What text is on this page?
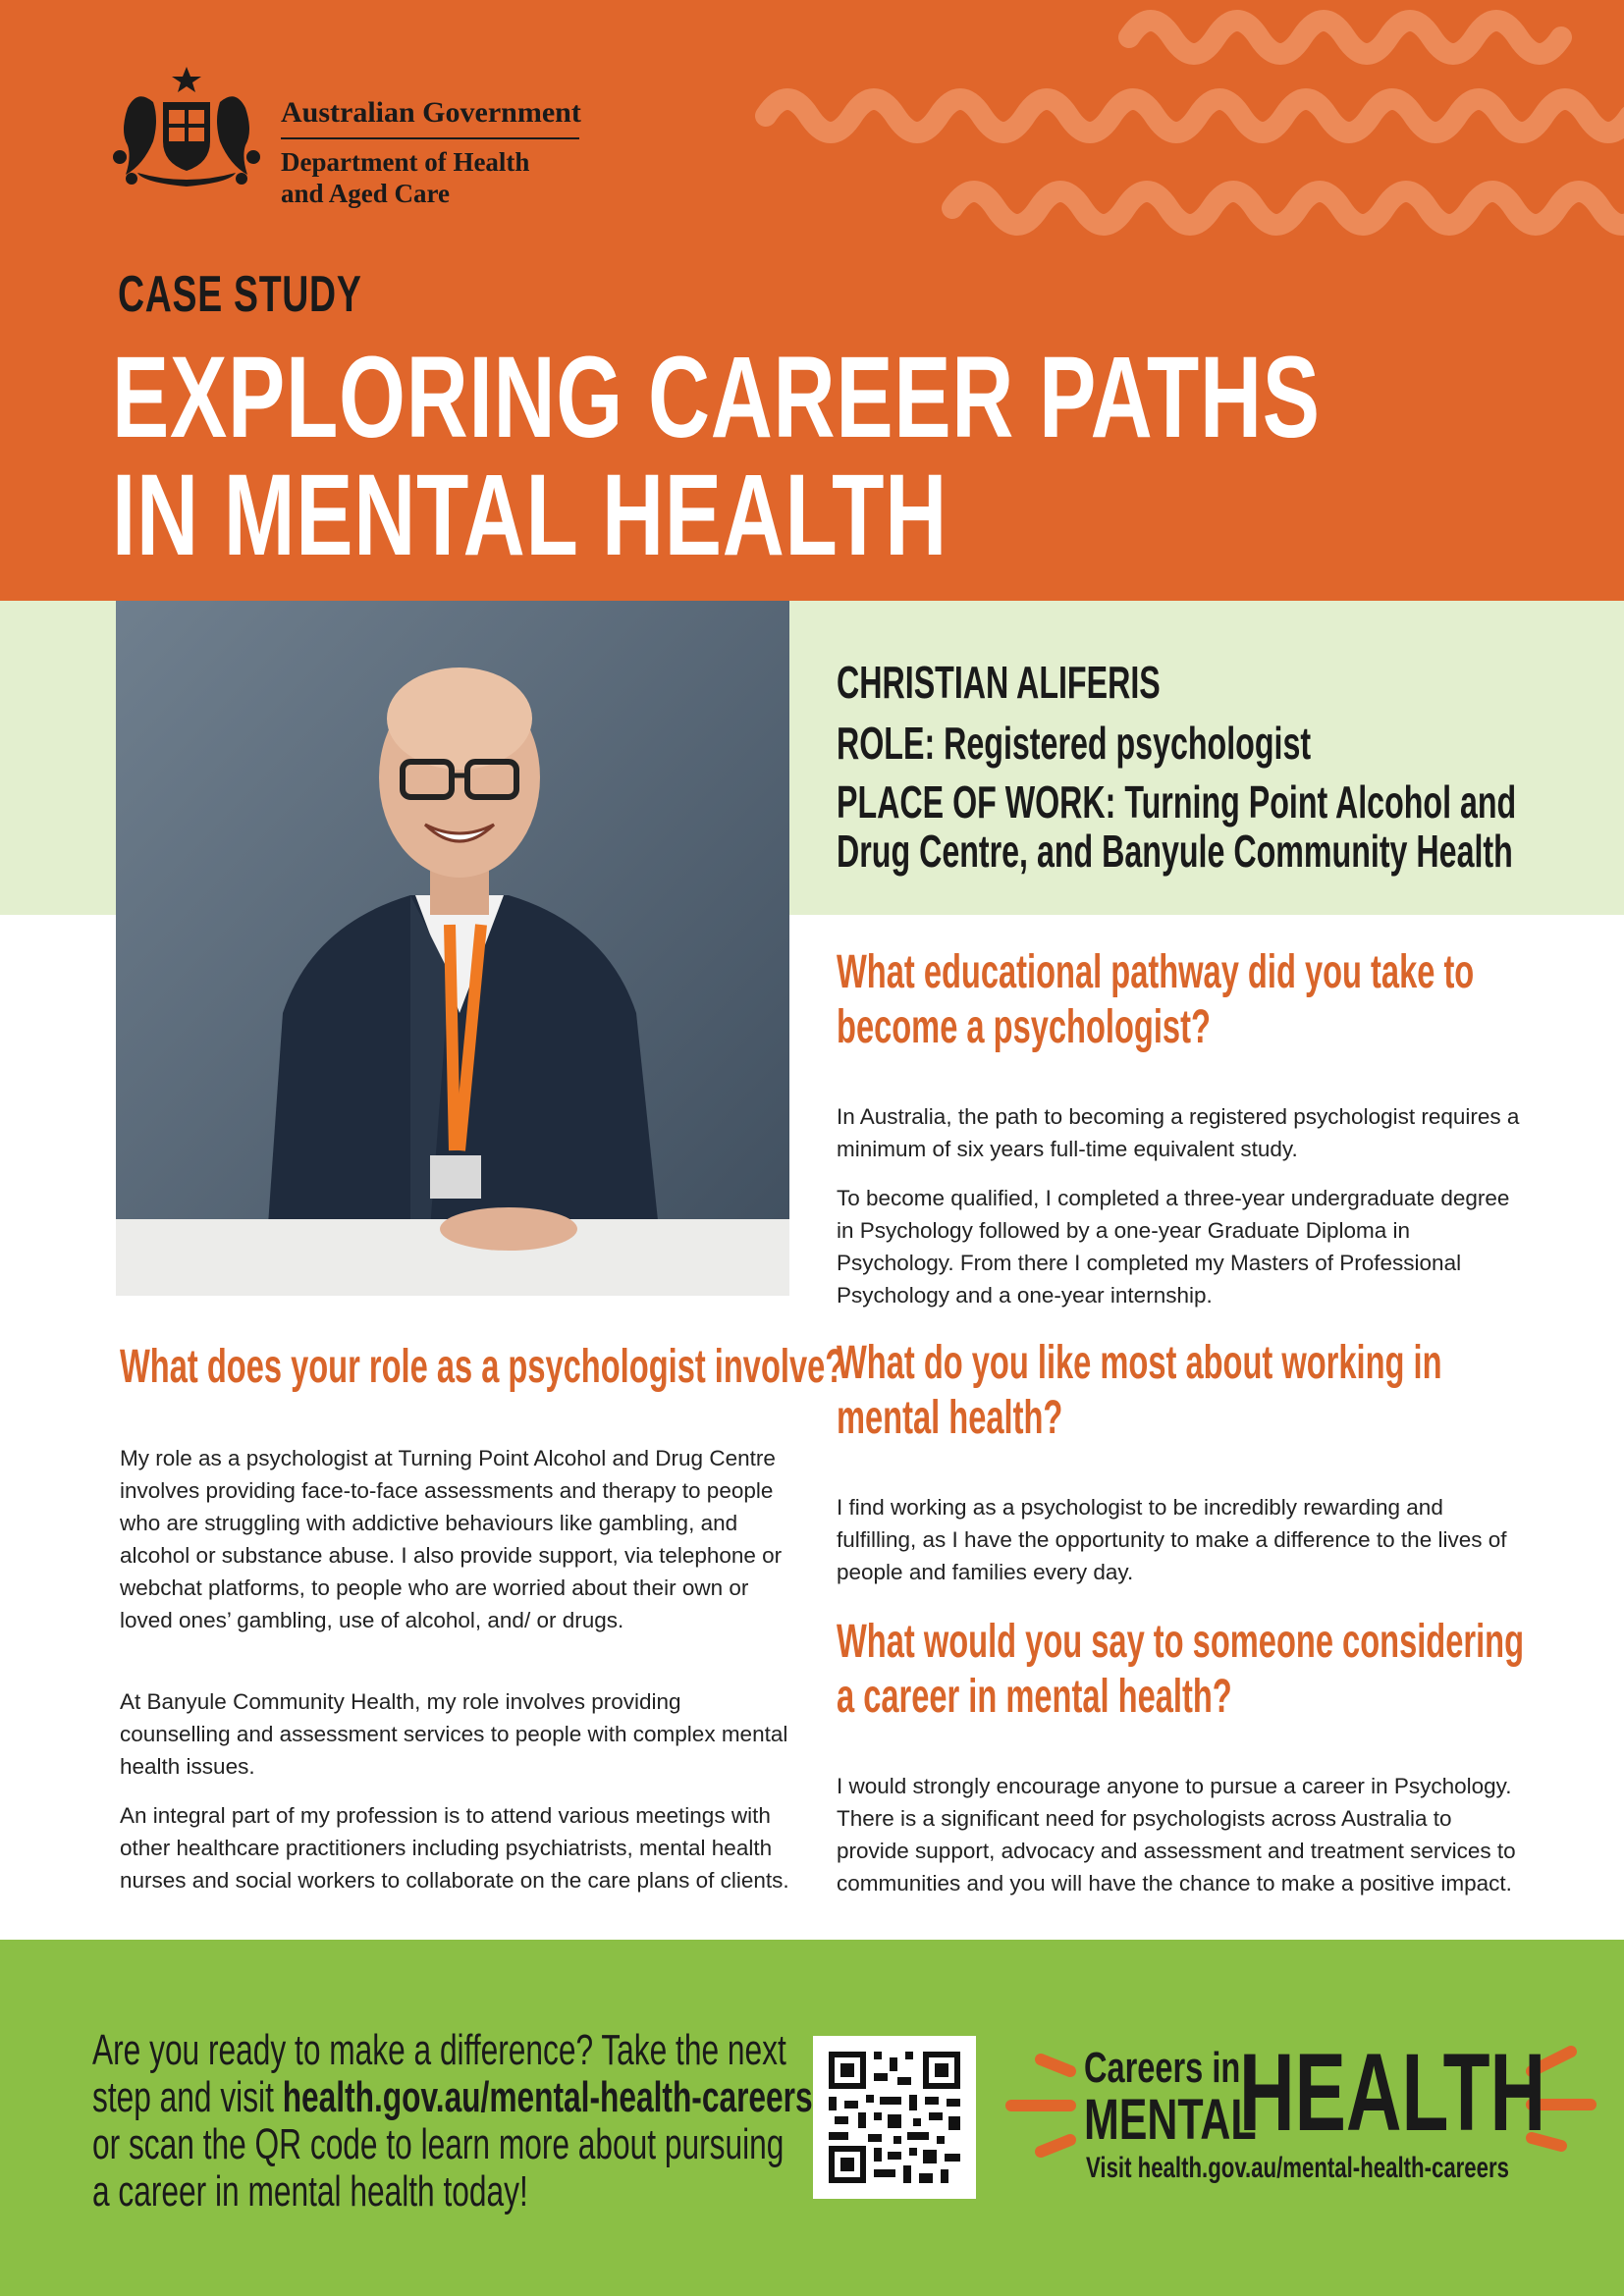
Australian Government
Department of Health
and Aged Care
CASE STUDY
EXPLORING CAREER PATHS
IN MENTAL HEALTH
CHRISTIAN ALIFERIS
ROLE: Registered psychologist
PLACE OF WORK: Turning Point Alcohol and
Drug Centre, and Banyule Community Health
What does your role as a psychologist involve?

My role as a psychologist at Turning Point Alcohol and Drug Centre involves providing face-to-face assessments and therapy to people who are struggling with addictive behaviours like gambling, and alcohol or substance abuse. I also provide support, via telephone or webchat platforms, to people who are worried about their own or loved ones’ gambling, use of alcohol, and/ or drugs.

At Banyule Community Health, my role involves providing counselling and assessment services to people with complex mental health issues.

An integral part of my profession is to attend various meetings with other healthcare practitioners including psychiatrists, mental health nurses and social workers to collaborate on the care plans of clients.

What educational pathway did you take to
become a psychologist?

In Australia, the path to becoming a registered psychologist requires a minimum of six years full-time equivalent study.

To become qualified, I completed a three-year undergraduate degree in Psychology followed by a one-year Graduate Diploma in Psychology. From there I completed my Masters of Professional Psychology and a one-year internship.

What do you like most about working in
mental health?

I find working as a psychologist to be incredibly rewarding and fulfilling, as I have the opportunity to make a difference to the lives of people and families every day.

What would you say to someone considering
a career in mental health?

I would strongly encourage anyone to pursue a career in Psychology. There is a significant need for psychologists across Australia to provide support, advocacy and assessment and treatment services to communities and you will have the chance to make a positive impact.

Are you ready to make a difference? Take the next
step and visit health.gov.au/mental-health-careers
or scan the QR code to learn more about pursuing
a career in mental health today!
Careers in
MENTAL
HEALTH
Visit health.gov.au/mental-health-careers
